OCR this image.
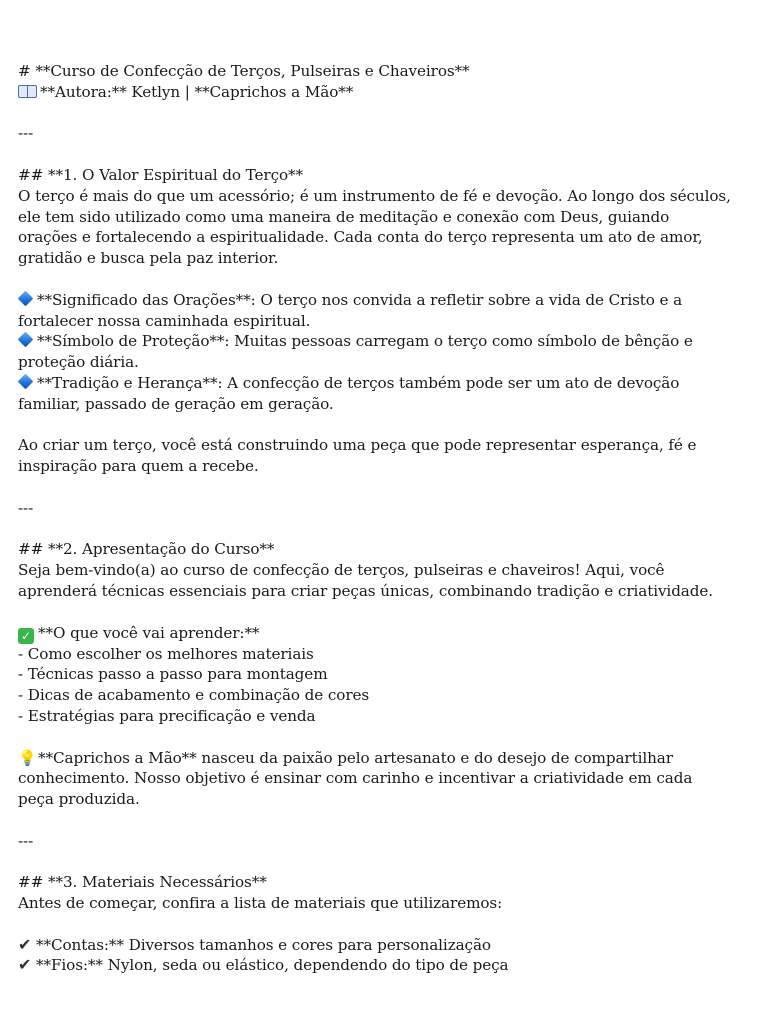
# **Curso de Confecção de Terços, Pulseiras e Chaveiros**
**Autora:** Ketlyn | **Caprichos a Mão**
---
## **1. O Valor Espiritual do Terço**
O terço é mais do que um acessório; é um instrumento de fé e devoção. Ao longo dos séculos,
ele tem sido utilizado como uma maneira de meditação e conexão com Deus, guiando
orações e fortalecendo a espiritualidade. Cada conta do terço representa um ato de amor,
gratidão e busca pela paz interior.
**Significado das Orações**: O terço nos convida a refletir sobre a vida de Cristo e a
fortalecer nossa caminhada espiritual.
**Símbolo de Proteção**: Muitas pessoas carregam o terço como símbolo de bênção e
proteção diária.
**Tradição e Herança**: A confecção de terços também pode ser um ato de devoção
familiar, passado de geração em geração.
Ao criar um terço, você está construindo uma peça que pode representar esperança, fé e
inspiração para quem a recebe.
---
## **2. Apresentação do Curso**
Seja bem-vindo(a) ao curso de confecção de terços, pulseiras e chaveiros! Aqui, você
aprenderá técnicas essenciais para criar peças únicas, combinando tradição e criatividade.
✓ **O que você vai aprender:**
- Como escolher os melhores materiais
- Técnicas passo a passo para montagem
- Dicas de acabamento e combinação de cores
- Estratégias para precificação e venda
💡**Caprichos a Mão** nasceu da paixão pelo artesanato e do desejo de compartilhar
conhecimento. Nosso objetivo é ensinar com carinho e incentivar a criatividade em cada
peça produzida.
---
## **3. Materiais Necessários**
Antes de começar, confira a lista de materiais que utilizaremos:
✔ **Contas:** Diversos tamanhos e cores para personalização
✔ **Fios:** Nylon, seda ou elástico, dependendo do tipo de peça
